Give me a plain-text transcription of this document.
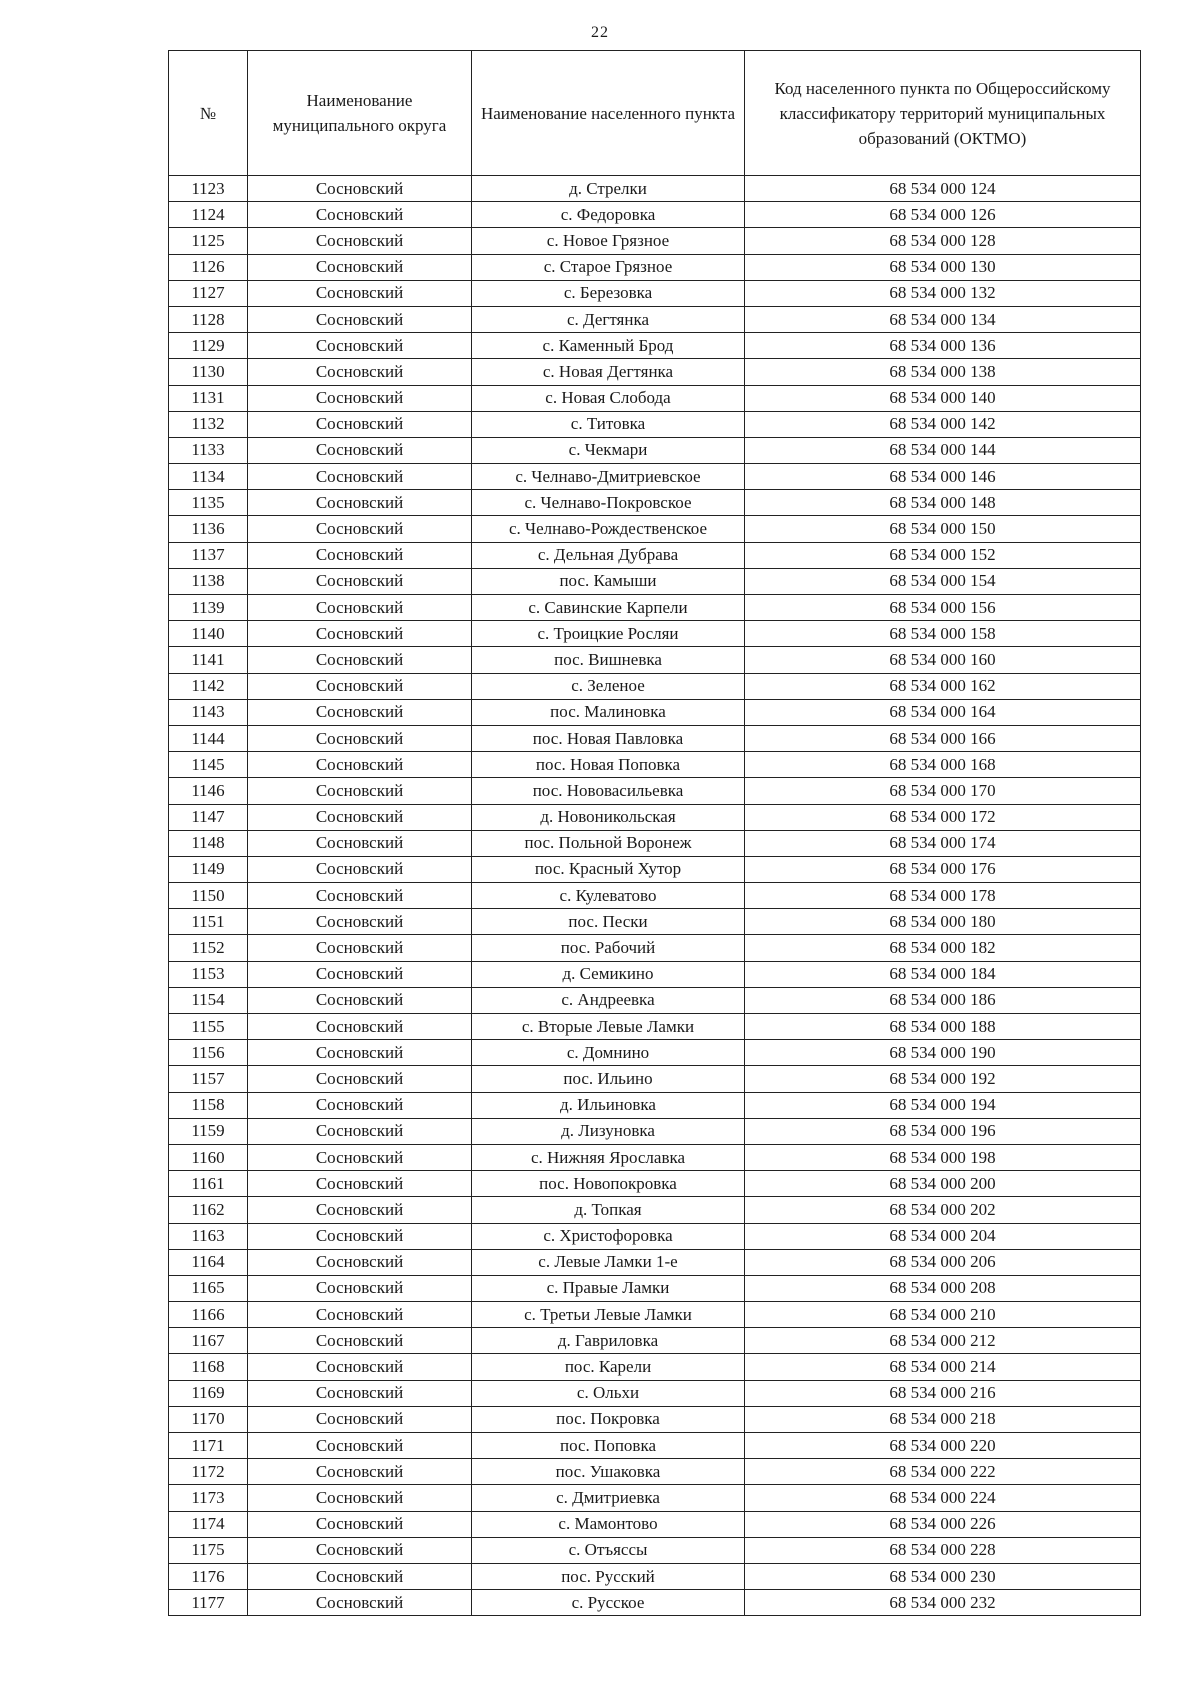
22
№	Наименование муниципального округа	Наименование населенного пункта	Код населенного пункта по Общероссийскому классификатору территорий муниципальных образований (ОКТМО)
1123	Сосновский	д. Стрелки	68 534 000 124
1124	Сосновский	с. Федоровка	68 534 000 126
1125	Сосновский	с. Новое Грязное	68 534 000 128
1126	Сосновский	с. Старое Грязное	68 534 000 130
1127	Сосновский	с. Березовка	68 534 000 132
1128	Сосновский	с. Дегтянка	68 534 000 134
1129	Сосновский	с. Каменный Брод	68 534 000 136
1130	Сосновский	с. Новая Дегтянка	68 534 000 138
1131	Сосновский	с. Новая Слобода	68 534 000 140
1132	Сосновский	с. Титовка	68 534 000 142
1133	Сосновский	с. Чекмари	68 534 000 144
1134	Сосновский	с. Челнаво-Дмитриевское	68 534 000 146
1135	Сосновский	с. Челнаво-Покровское	68 534 000 148
1136	Сосновский	с. Челнаво-Рождественское	68 534 000 150
1137	Сосновский	с. Дельная Дубрава	68 534 000 152
1138	Сосновский	пос. Камыши	68 534 000 154
1139	Сосновский	с. Савинские Карпели	68 534 000 156
1140	Сосновский	с. Троицкие Росляи	68 534 000 158
1141	Сосновский	пос. Вишневка	68 534 000 160
1142	Сосновский	с. Зеленое	68 534 000 162
1143	Сосновский	пос. Малиновка	68 534 000 164
1144	Сосновский	пос. Новая Павловка	68 534 000 166
1145	Сосновский	пос. Новая Поповка	68 534 000 168
1146	Сосновский	пос. Нововасильевка	68 534 000 170
1147	Сосновский	д. Новоникольская	68 534 000 172
1148	Сосновский	пос. Польной Воронеж	68 534 000 174
1149	Сосновский	пос. Красный Хутор	68 534 000 176
1150	Сосновский	с. Кулеватово	68 534 000 178
1151	Сосновский	пос. Пески	68 534 000 180
1152	Сосновский	пос. Рабочий	68 534 000 182
1153	Сосновский	д. Семикино	68 534 000 184
1154	Сосновский	с. Андреевка	68 534 000 186
1155	Сосновский	с. Вторые Левые Ламки	68 534 000 188
1156	Сосновский	с. Домнино	68 534 000 190
1157	Сосновский	пос. Ильино	68 534 000 192
1158	Сосновский	д. Ильиновка	68 534 000 194
1159	Сосновский	д. Лизуновка	68 534 000 196
1160	Сосновский	с. Нижняя Ярославка	68 534 000 198
1161	Сосновский	пос. Новопокровка	68 534 000 200
1162	Сосновский	д. Топкая	68 534 000 202
1163	Сосновский	с. Христофоровка	68 534 000 204
1164	Сосновский	с. Левые Ламки 1-е	68 534 000 206
1165	Сосновский	с. Правые Ламки	68 534 000 208
1166	Сосновский	с. Третьи Левые Ламки	68 534 000 210
1167	Сосновский	д. Гавриловка	68 534 000 212
1168	Сосновский	пос. Карели	68 534 000 214
1169	Сосновский	с. Ольхи	68 534 000 216
1170	Сосновский	пос. Покровка	68 534 000 218
1171	Сосновский	пос. Поповка	68 534 000 220
1172	Сосновский	пос. Ушаковка	68 534 000 222
1173	Сосновский	с. Дмитриевка	68 534 000 224
1174	Сосновский	с. Мамонтово	68 534 000 226
1175	Сосновский	с. Отъяссы	68 534 000 228
1176	Сосновский	пос. Русский	68 534 000 230
1177	Сосновский	с. Русское	68 534 000 232
